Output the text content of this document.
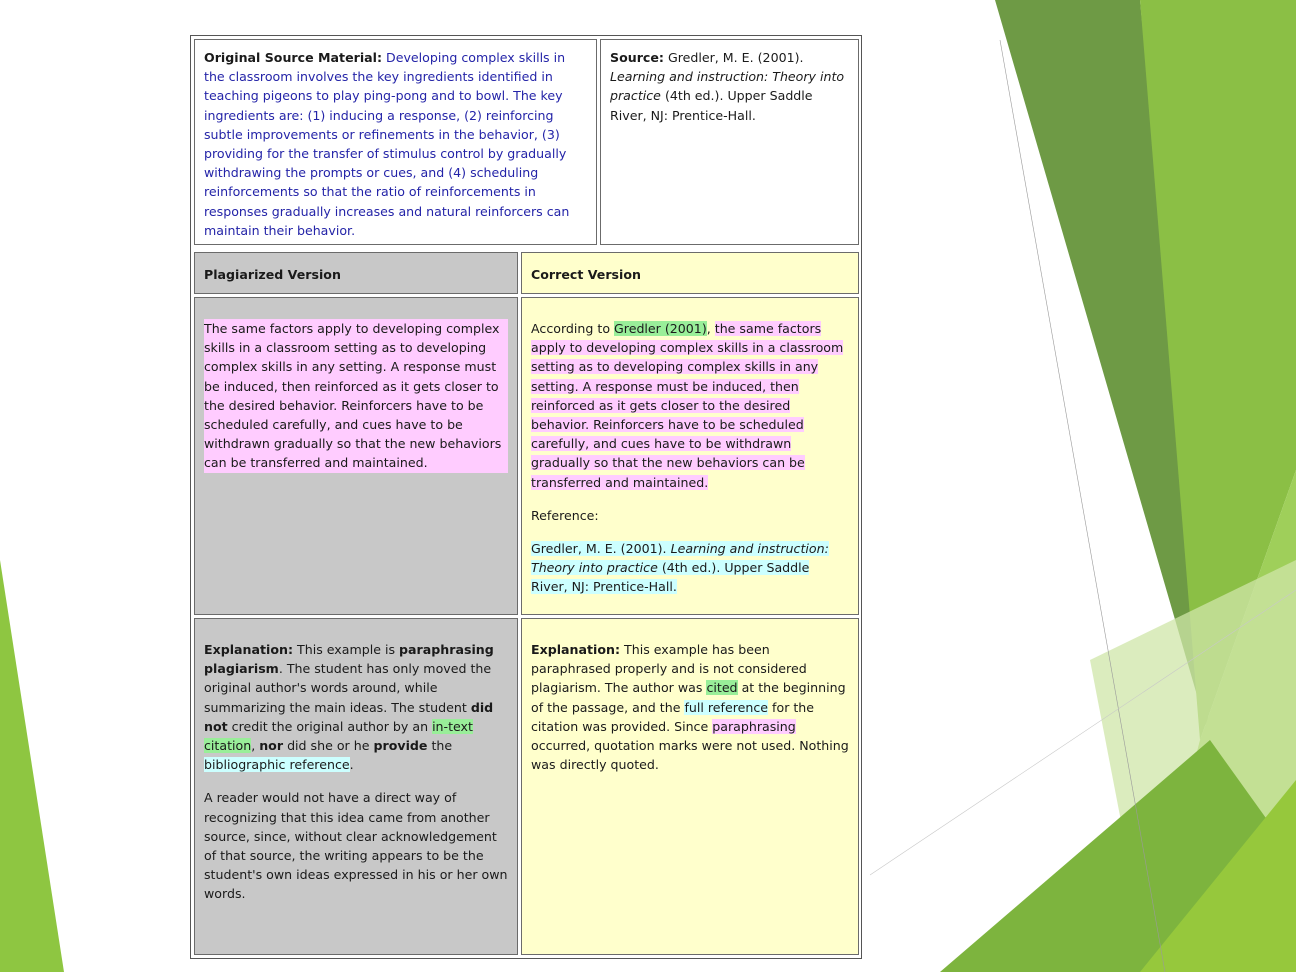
Original Source Material: Developing complex skills in the classroom involves the key ingredients identified in teaching pigeons to play ping-pong and to bowl. The key ingredients are: (1) inducing a response, (2) reinforcing subtle improvements or refinements in the behavior, (3) providing for the transfer of stimulus control by gradually withdrawing the prompts or cues, and (4) scheduling reinforcements so that the ratio of reinforcements in responses gradually increases and natural reinforcers can maintain their behavior.
Source: Gredler, M. E. (2001). Learning and instruction: Theory into practice (4th ed.). Upper Saddle River, NJ: Prentice-Hall.
Plagiarized Version	Correct Version
The same factors apply to developing complex skills in a classroom setting as to developing complex skills in any setting. A response must be induced, then reinforced as it gets closer to the desired behavior. Reinforcers have to be scheduled carefully, and cues have to be withdrawn gradually so that the new behaviors can be transferred and maintained.

According to Gredler (2001), the same factors apply to developing complex skills in a classroom setting as to developing complex skills in any setting. A response must be induced, then reinforced as it gets closer to the desired behavior. Reinforcers have to be scheduled carefully, and cues have to be withdrawn gradually so that the new behaviors can be transferred and maintained.

Reference:

Gredler, M. E. (2001). Learning and instruction: Theory into practice (4th ed.). Upper Saddle River, NJ: Prentice-Hall.

Explanation: This example is paraphrasing plagiarism. The student has only moved the original author's words around, while summarizing the main ideas. The student did not credit the original author by an in-text citation, nor did she or he provide the bibliographic reference.

A reader would not have a direct way of recognizing that this idea came from another source, since, without clear acknowledgement of that source, the writing appears to be the student's own ideas expressed in his or her own words.

Explanation: This example has been paraphrased properly and is not considered plagiarism. The author was cited at the beginning of the passage, and the full reference for the citation was provided. Since paraphrasing occurred, quotation marks were not used. Nothing was directly quoted.
